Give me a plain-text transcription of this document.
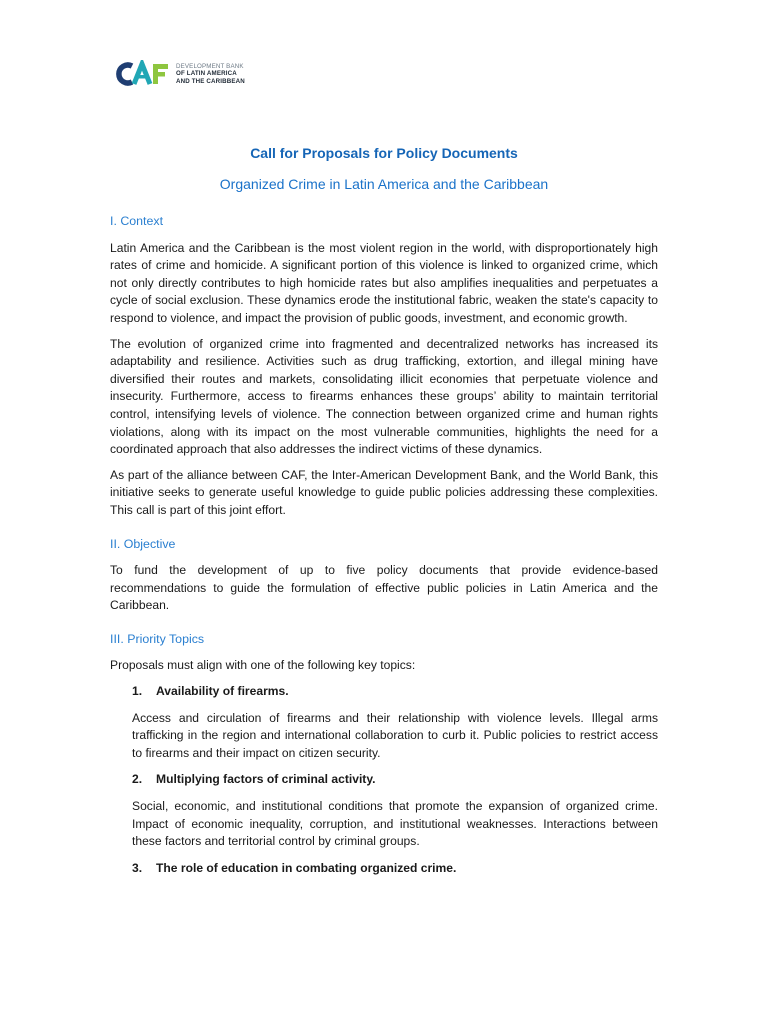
DEVELOPMENT BANK
OF LATIN AMERICA
AND THE CARIBBEAN
Call for Proposals for Policy Documents
Organized Crime in Latin America and the Caribbean
I. Context

Latin America and the Caribbean is the most violent region in the world, with disproportionately high rates of crime and homicide. A significant portion of this violence is linked to organized crime, which not only directly contributes to high homicide rates but also amplifies inequalities and perpetuates a cycle of social exclusion. These dynamics erode the institutional fabric, weaken the state's capacity to respond to violence, and impact the provision of public goods, investment, and economic growth.

The evolution of organized crime into fragmented and decentralized networks has increased its adaptability and resilience. Activities such as drug trafficking, extortion, and illegal mining have diversified their routes and markets, consolidating illicit economies that perpetuate violence and insecurity. Furthermore, access to firearms enhances these groups’ ability to maintain territorial control, intensifying levels of violence. The connection between organized crime and human rights violations, along with its impact on the most vulnerable communities, highlights the need for a coordinated approach that also addresses the indirect victims of these dynamics.

As part of the alliance between CAF, the Inter-American Development Bank, and the World Bank, this initiative seeks to generate useful knowledge to guide public policies addressing these complexities. This call is part of this joint effort.

II. Objective

To fund the development of up to five policy documents that provide evidence-based recommendations to guide the formulation of effective public policies in Latin America and the Caribbean.

III. Priority Topics

Proposals must align with one of the following key topics:

1.	Availability of firearms.
Access and circulation of firearms and their relationship with violence levels. Illegal arms trafficking in the region and international collaboration to curb it. Public policies to restrict access to firearms and their impact on citizen security.
2.	Multiplying factors of criminal activity.
Social, economic, and institutional conditions that promote the expansion of organized crime. Impact of economic inequality, corruption, and institutional weaknesses. Interactions between these factors and territorial control by criminal groups.
3.	The role of education in combating organized crime.
